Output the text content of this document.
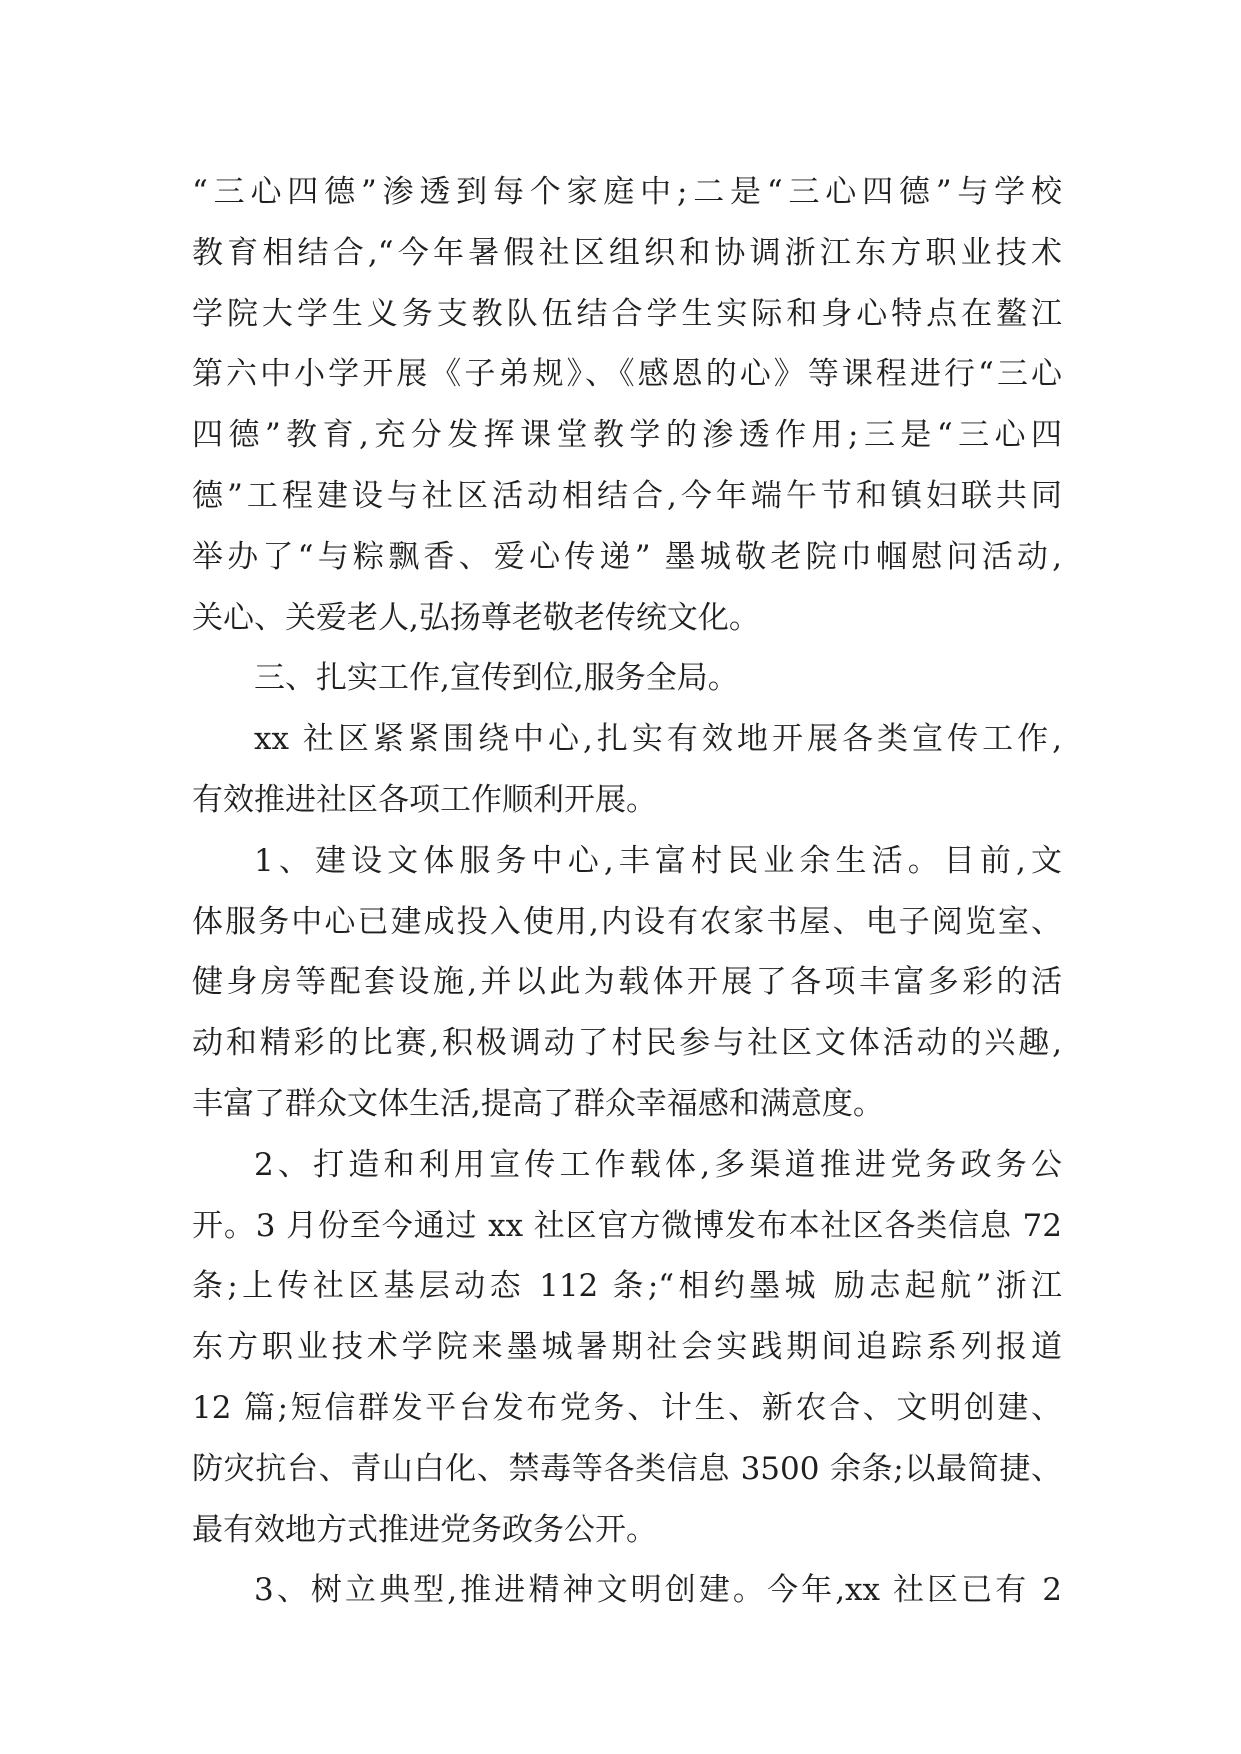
“三心四德”渗透到每个家庭中;二是“三心四德”与学校
教育相结合,“今年暑假社区组织和协调浙江东方职业技术
学院大学生义务支教队伍结合学生实际和身心特点在鳌江
第六中小学开展《子弟规》、《感恩的心》等课程进行“三心
四德”教育,充分发挥课堂教学的渗透作用;三是“三心四
德”工程建设与社区活动相结合,今年端午节和镇妇联共同
举办了“与粽飘香、爱心传递” 墨城敬老院巾帼慰问活动,
关心、关爱老人,弘扬尊老敬老传统文化。
三、扎实工作,宣传到位,服务全局。
xx 社区紧紧围绕中心,扎实有效地开展各类宣传工作,
有效推进社区各项工作顺利开展。
1、建设文体服务中心,丰富村民业余生活。目前,文
体服务中心已建成投入使用,内设有农家书屋、电子阅览室、
健身房等配套设施,并以此为载体开展了各项丰富多彩的活
动和精彩的比赛,积极调动了村民参与社区文体活动的兴趣,
丰富了群众文体生活,提高了群众幸福感和满意度。
2、打造和利用宣传工作载体,多渠道推进党务政务公
开。3 月份至今通过 xx 社区官方微博发布本社区各类信息 72
条;上传社区基层动态 112 条;“相约墨城 励志起航”浙江
东方职业技术学院来墨城暑期社会实践期间追踪系列报道
12 篇;短信群发平台发布党务、计生、新农合、文明创建、
防灾抗台、青山白化、禁毒等各类信息 3500 余条;以最简捷、
最有效地方式推进党务政务公开。
3、树立典型,推进精神文明创建。今年,xx 社区已有 2
